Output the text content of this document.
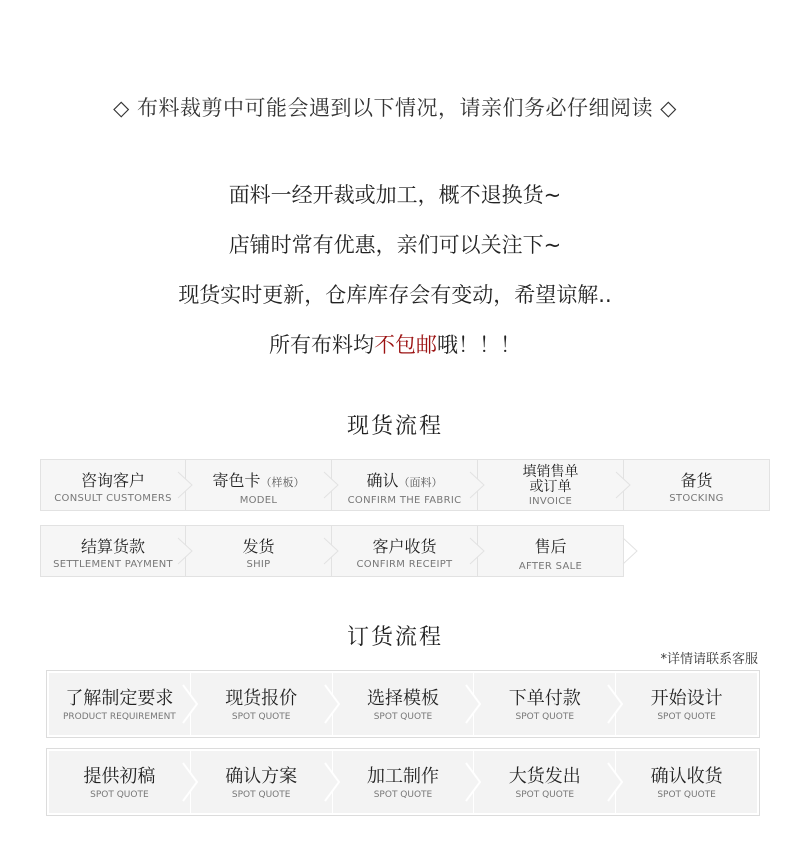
◇ 布料裁剪中可能会遇到以下情况，请亲们务必仔细阅读 ◇
面料一经开裁或加工，概不退换货~
店铺时常有优惠，亲们可以关注下~
现货实时更新，仓库库存会有变动，希望谅解..
所有布料均不包邮哦！！！
现货流程
咨询客户
CONSULT CUSTOMERS
寄色卡（样板）
MODEL
确认（面料）
CONFIRM THE FABRIC
填销售单
或订单
INVOICE
备货
STOCKING
结算货款
SETTLEMENT PAYMENT
发货
SHIP
客户收货
CONFIRM RECEIPT
售后
AFTER SALE
订货流程
*详情请联系客服
了解制定要求
PRODUCT REQUIREMENT
现货报价
SPOT QUOTE
选择模板
SPOT QUOTE
下单付款
SPOT QUOTE
开始设计
SPOT QUOTE
提供初稿
SPOT QUOTE
确认方案
SPOT QUOTE
加工制作
SPOT QUOTE
大货发出
SPOT QUOTE
确认收货
SPOT QUOTE
